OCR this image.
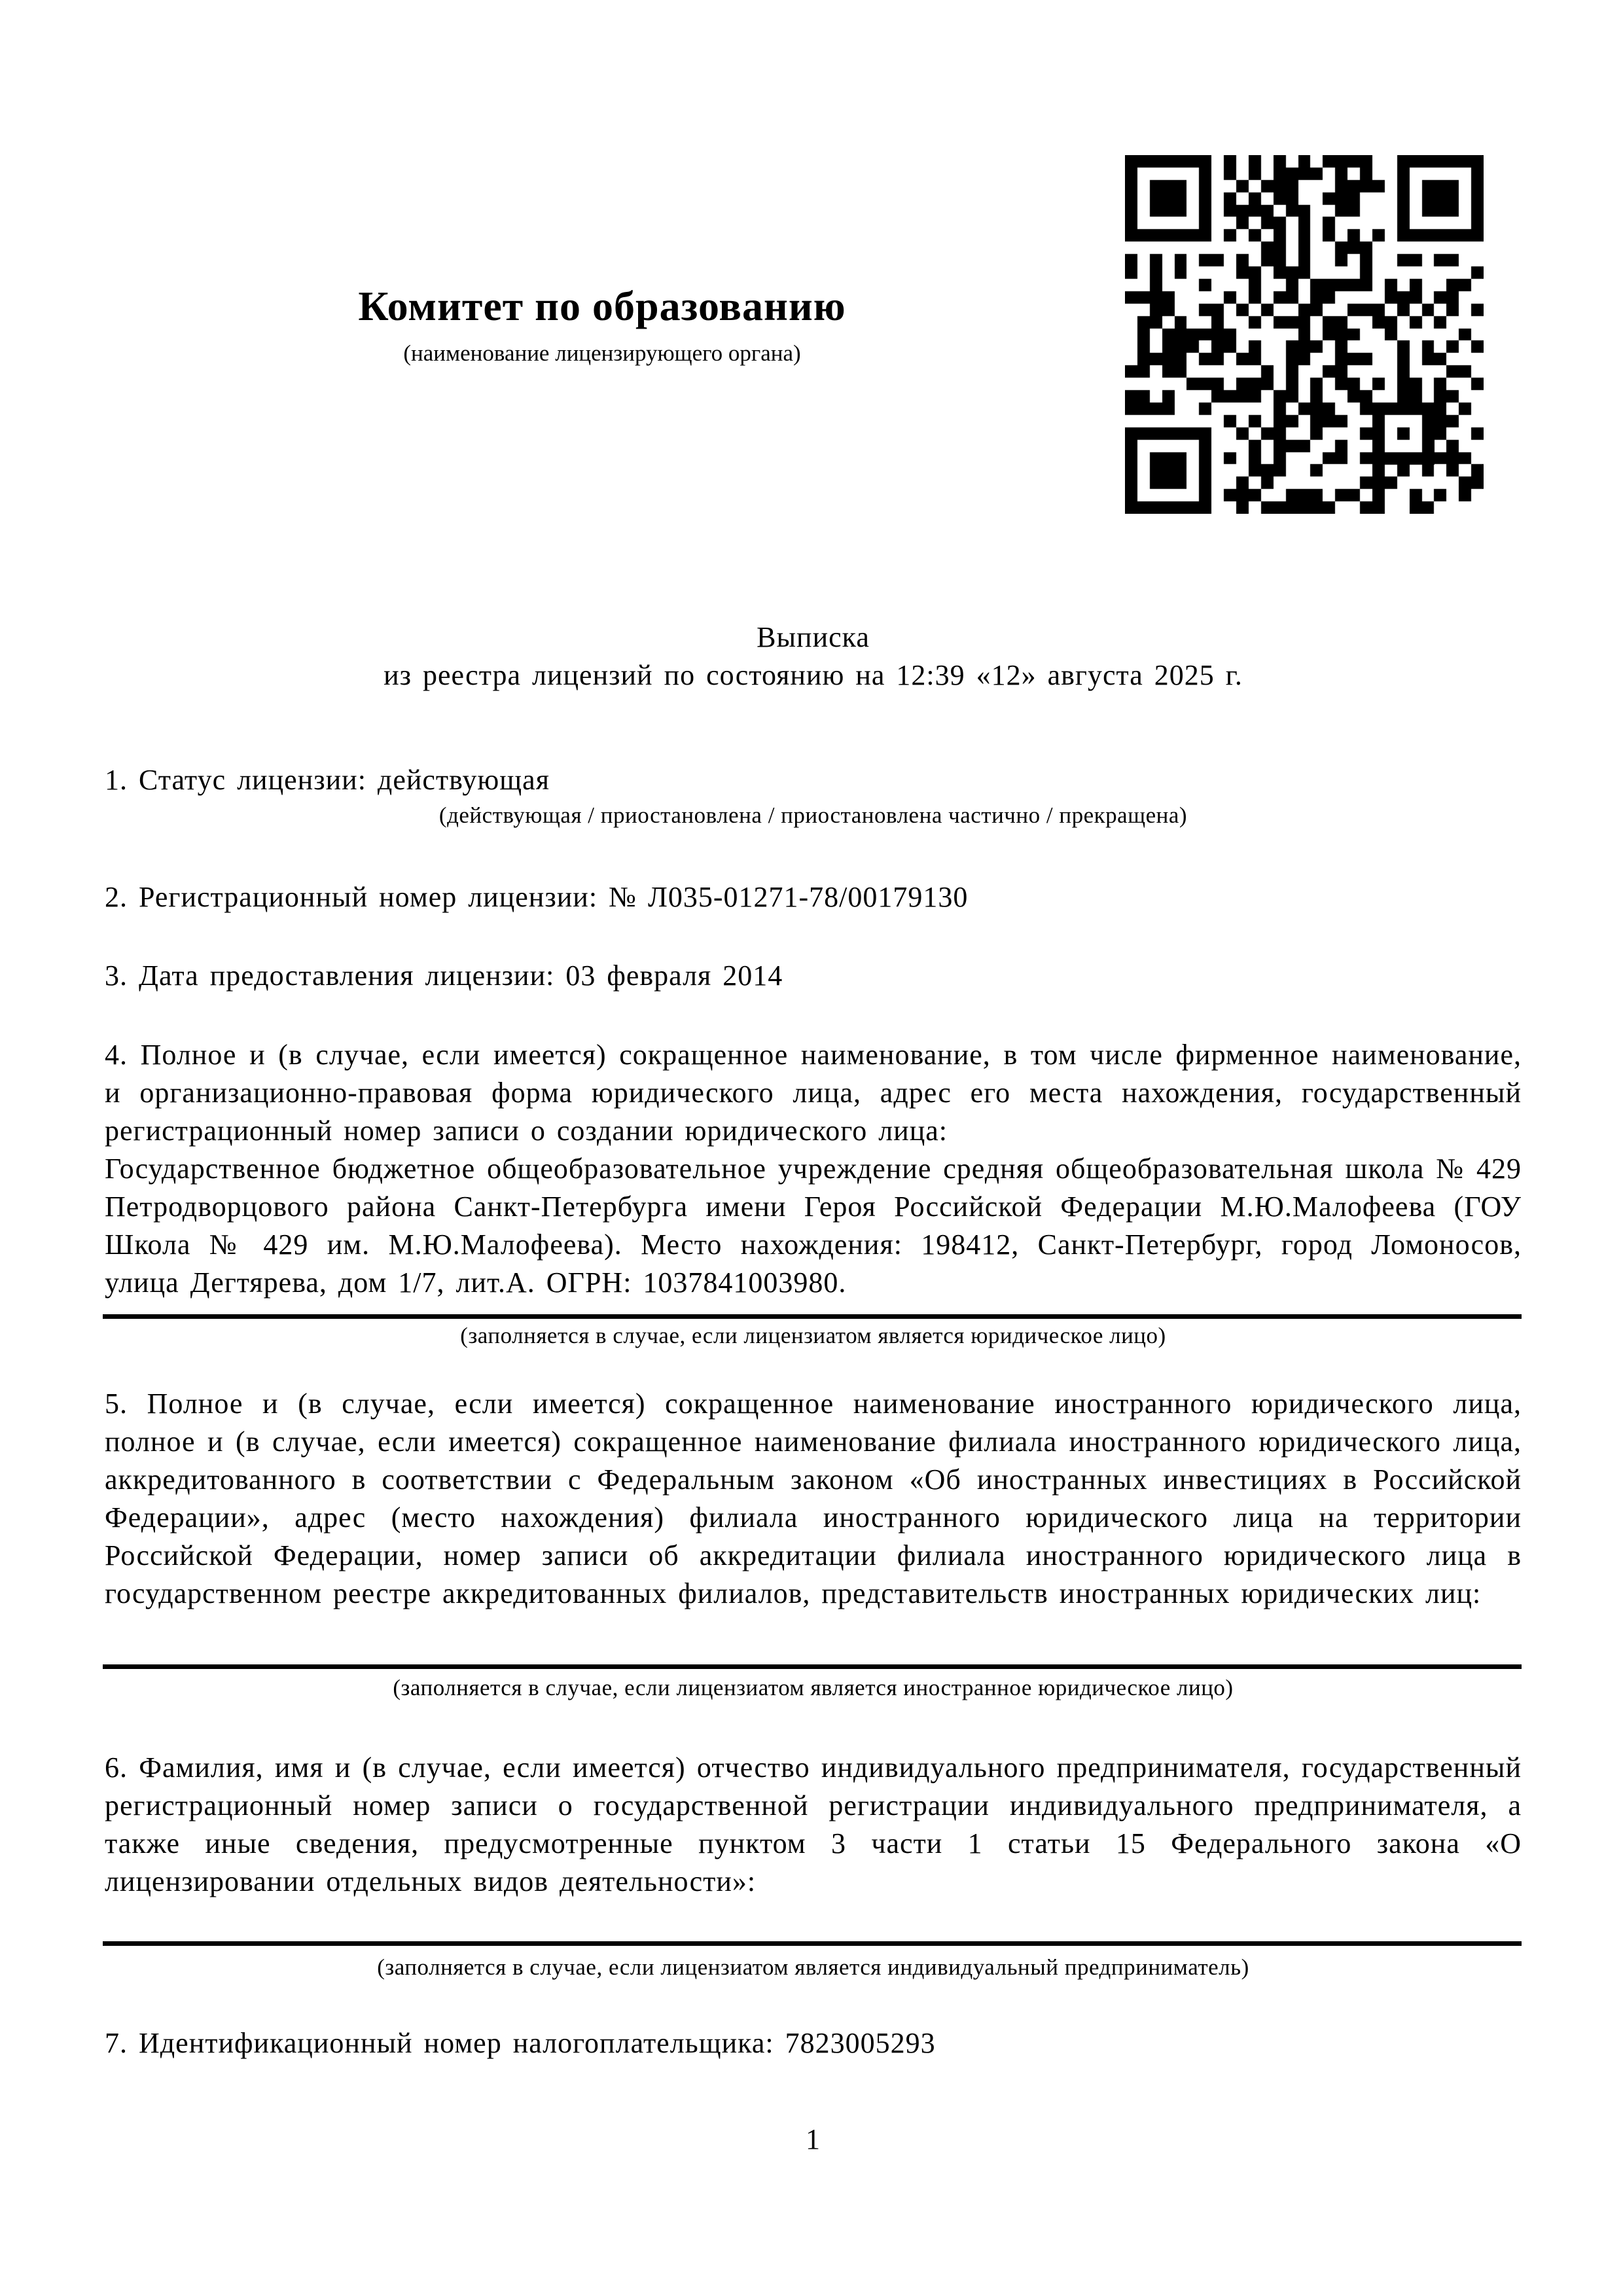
Комитет по образованию
(наименование лицензирующего органа)
Выписка
из реестра лицензий по состоянию на 12:39 «12» августа 2025 г.
1. Статус лицензии: действующая
(действующая / приостановлена / приостановлена частично / прекращена)
2. Регистрационный номер лицензии: № Л035-01271-78/00179130
3. Дата предоставления лицензии: 03 февраля 2014
4. Полное и (в случае, если имеется) сокращенное наименование, в том числе фирменное наименование, и организационно-правовая форма юридического лица, адрес его места нахождения, государственный регистрационный номер записи о создании юридического лица:
Государственное бюджетное общеобразовательное учреждение средняя общеобразовательная школа № 429 Петродворцового района Санкт-Петербурга имени Героя Российской Федерации М.Ю.Малофеева (ГОУ Школа № 429 им. М.Ю.Малофеева). Место нахождения: 198412, Санкт-Петербург, город Ломоносов, улица Дегтярева, дом 1/7, лит.А. ОГРН: 1037841003980.
(заполняется в случае, если лицензиатом является юридическое лицо)
5. Полное и (в случае, если имеется) сокращенное наименование иностранного юридического лица, полное и (в случае, если имеется) сокращенное наименование филиала иностранного юридического лица, аккредитованного в соответствии с Федеральным законом «Об иностранных инвестициях в Российской Федерации», адрес (место нахождения) филиала иностранного юридического лица на территории Российской Федерации, номер записи об аккредитации филиала иностранного юридического лица в государственном реестре аккредитованных филиалов, представительств иностранных юридических лиц:
(заполняется в случае, если лицензиатом является иностранное юридическое лицо)
6. Фамилия, имя и (в случае, если имеется) отчество индивидуального предпринимателя, государственный регистрационный номер записи о государственной регистрации индивидуального предпринимателя, а также иные сведения, предусмотренные пунктом 3 части 1 статьи 15 Федерального закона «О лицензировании отдельных видов деятельности»:
(заполняется в случае, если лицензиатом является индивидуальный предприниматель)
7. Идентификационный номер налогоплательщика: 7823005293
1
